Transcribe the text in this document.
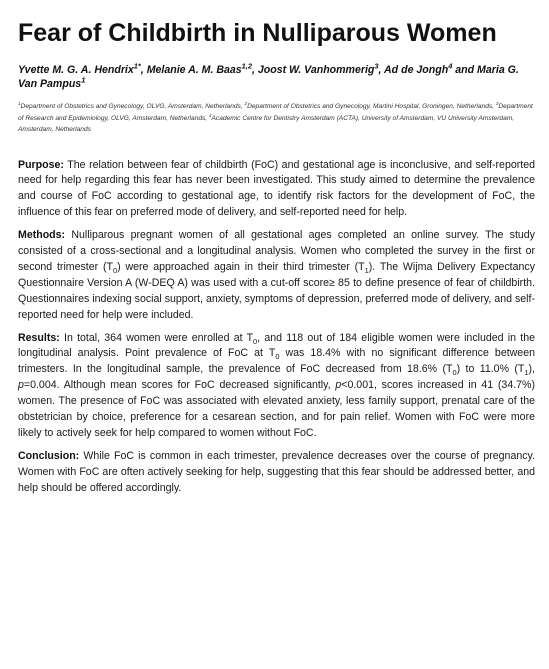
Fear of Childbirth in Nulliparous Women

Yvette M. G. A. Hendrix$^{1*}$, Melanie A. M. Baas$^{1,2}$, Joost W. Vanhommerig$^3$, Ad de Jongh$^4$ and Maria G. Van Pampus$^1$

$^1$Department of Obstetrics and Gynecology, OLVG, Amsterdam, Netherlands, $^2$Department of Obstetrics and Gynecology, Martini Hospital, Groningen, Netherlands, $^3$Department of Research and Epidemiology, OLVG, Amsterdam, Netherlands, $^4$Academic Centre for Dentistry Amsterdam (ACTA), University of Amsterdam, VU University Amsterdam, Amsterdam, Netherlands

Purpose: The relation between fear of childbirth (FoC) and gestational age is inconclusive, and self-reported need for help regarding this fear has never been investigated. This study aimed to determine the prevalence and course of FoC according to gestational age, to identify risk factors for the development of FoC, the influence of this fear on preferred mode of delivery, and self-reported need for help.

Methods: Nulliparous pregnant women of all gestational ages completed an online survey. The study consisted of a cross-sectional and a longitudinal analysis. Women who completed the survey in the first or second trimester $(T_0)$ were approached again in their third trimester $(T_1)$. The Wijma Delivery Expectancy Questionnaire Version A (W-DEQ A) was used with a cut-off score≥ 85 to define presence of fear of childbirth. Questionnaires indexing social support, anxiety, symptoms of depression, preferred mode of delivery, and self-reported need for help were included.

Results: In total, 364 women were enrolled at $T_0$, and 118 out of 184 eligible women were included in the longitudinal analysis. Point prevalence of FoC at $T_0$ was 18.4% with no significant difference between trimesters. In the longitudinal sample, the prevalence of FoC decreased from 18.6% $(T_0)$ to 11.0% $(T_1)$, p=0.004. Although mean scores for FoC decreased significantly, p<0.001, scores increased in 41 (34.7%) women. The presence of FoC was associated with elevated anxiety, less family support, prenatal care of the obstetrician by choice, preference for a cesarean section, and for pain relief. Women with FoC were more likely to actively seek for help compared to women without FoC.

Conclusion: While FoC is common in each trimester, prevalence decreases over the course of pregnancy. Women with FoC are often actively seeking for help, suggesting that this fear should be addressed better, and help should be offered accordingly.
